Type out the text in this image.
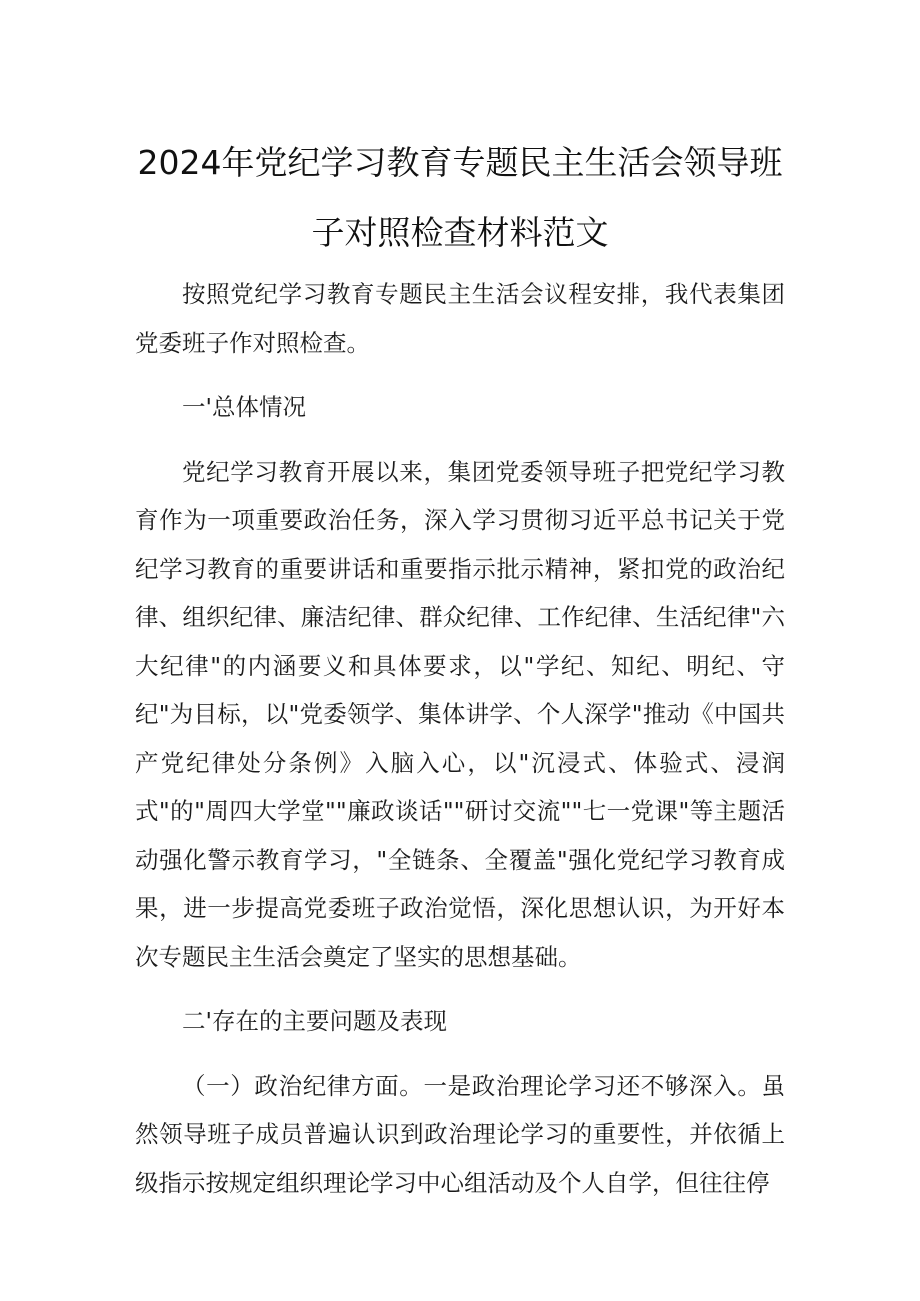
2024年党纪学习教育专题民主生活会领导班
子对照检查材料范文

按照党纪学习教育专题民主生活会议程安排，我代表集团党委班子作对照检查。

一'总体情况

党纪学习教育开展以来，集团党委领导班子把党纪学习教育作为一项重要政治任务，深入学习贯彻习近平总书记关于党纪学习教育的重要讲话和重要指示批示精神，紧扣党的政治纪律、组织纪律、廉洁纪律、群众纪律、工作纪律、生活纪律"六大纪律"的内涵要义和具体要求，以"学纪、知纪、明纪、守纪"为目标，以"党委领学、集体讲学、个人深学"推动《中国共产党纪律处分条例》入脑入心，以"沉浸式、体验式、浸润式"的"周四大学堂""廉政谈话""研讨交流""七一党课"等主题活动强化警示教育学习，"全链条、全覆盖"强化党纪学习教育成果，进一步提高党委班子政治觉悟，深化思想认识，为开好本次专题民主生活会奠定了坚实的思想基础。

二'存在的主要问题及表现

（一）政治纪律方面。一是政治理论学习还不够深入。虽然领导班子成员普遍认识到政治理论学习的重要性，并依循上级指示按规定组织理论学习中心组活动及个人自学，但往往停
